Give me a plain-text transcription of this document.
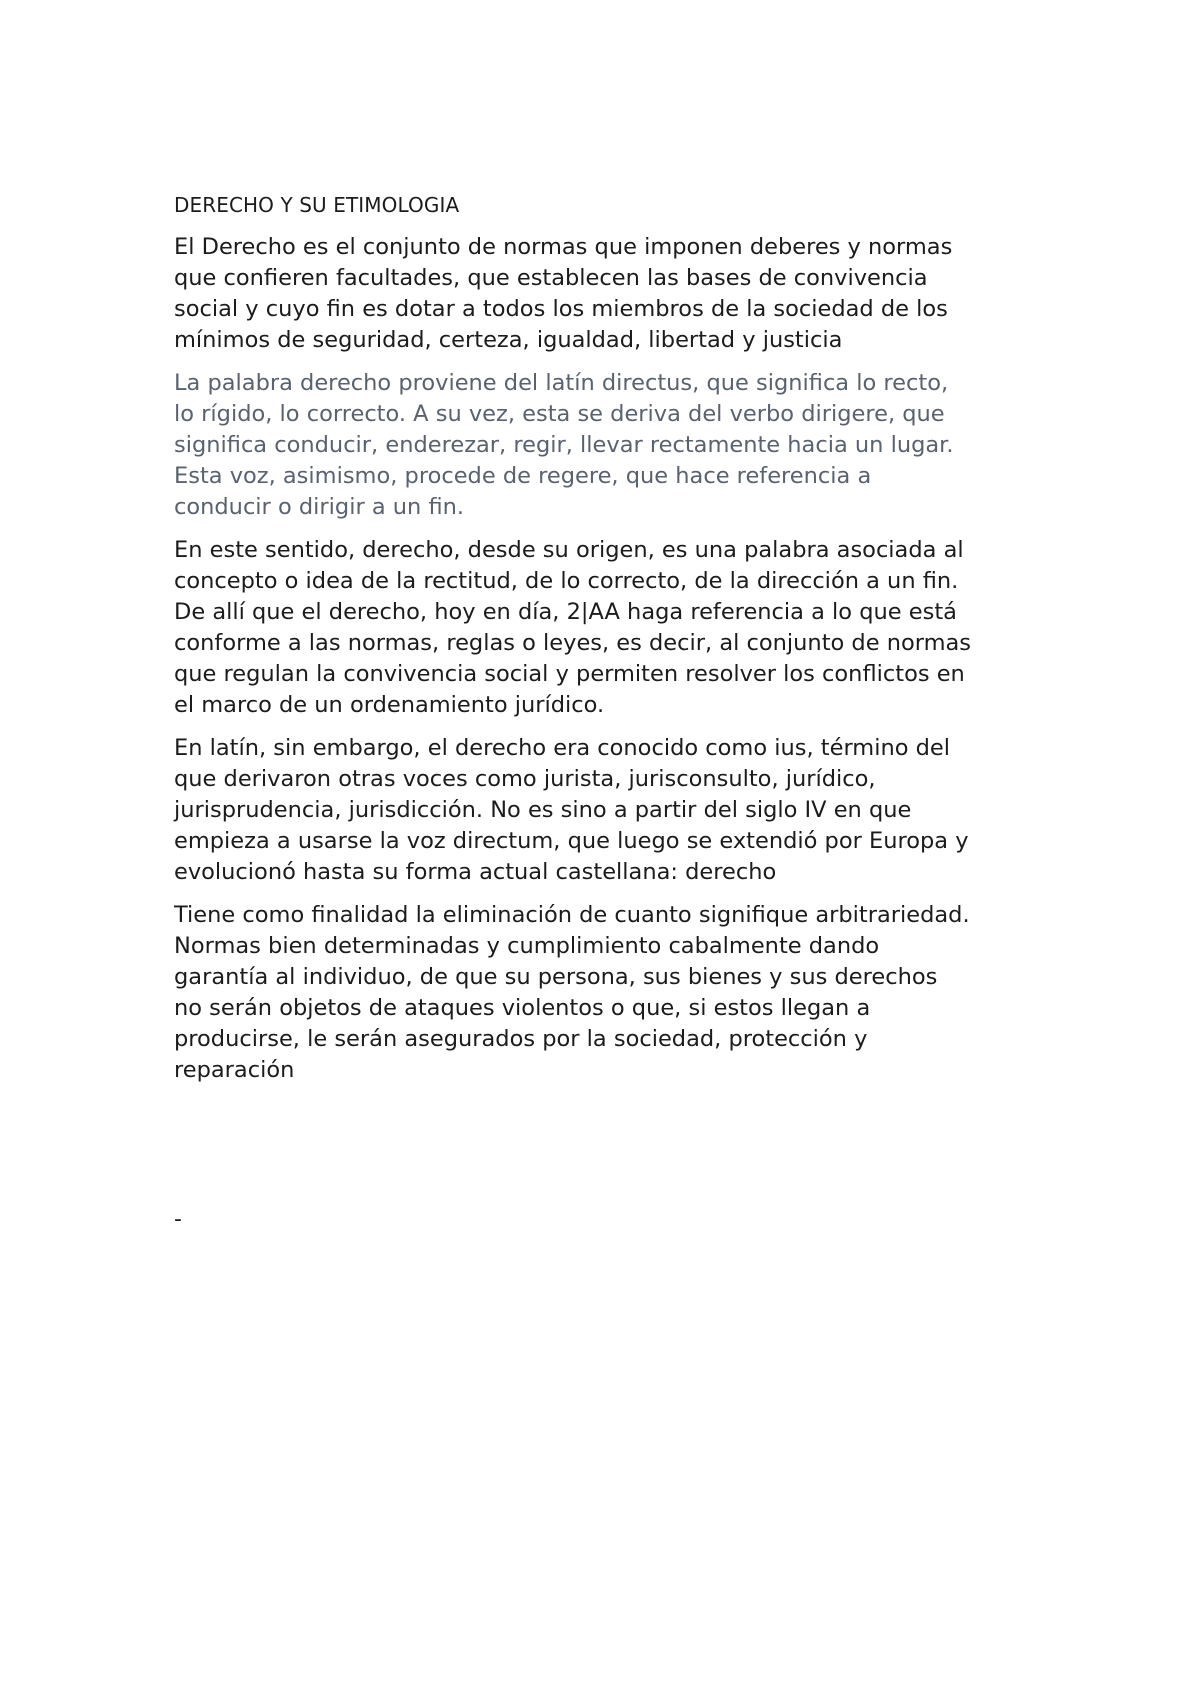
DERECHO Y SU ETIMOLOGIA

El Derecho es el conjunto de normas que imponen deberes y normas
que confieren facultades, que establecen las bases de convivencia
social y cuyo fin es dotar a todos los miembros de la sociedad de los
mínimos de seguridad, certeza, igualdad, libertad y justicia

La palabra derecho proviene del latín directus, que significa lo recto,
lo rígido, lo correcto. A su vez, esta se deriva del verbo dirigere, que
significa conducir, enderezar, regir, llevar rectamente hacia un lugar.
Esta voz, asimismo, procede de regere, que hace referencia a
conducir o dirigir a un fin.

En este sentido, derecho, desde su origen, es una palabra asociada al
concepto o idea de la rectitud, de lo correcto, de la dirección a un fin.
De allí que el derecho, hoy en día, 2|AA haga referencia a lo que está
conforme a las normas, reglas o leyes, es decir, al conjunto de normas
que regulan la convivencia social y permiten resolver los conflictos en
el marco de un ordenamiento jurídico.

En latín, sin embargo, el derecho era conocido como ius, término del
que derivaron otras voces como jurista, jurisconsulto, jurídico,
jurisprudencia, jurisdicción. No es sino a partir del siglo IV en que
empieza a usarse la voz directum, que luego se extendió por Europa y
evolucionó hasta su forma actual castellana: derecho

Tiene como finalidad la eliminación de cuanto signifique arbitrariedad.
Normas bien determinadas y cumplimiento cabalmente dando
garantía al individuo, de que su persona, sus bienes y sus derechos
no serán objetos de ataques violentos o que, si estos llegan a
producirse, le serán asegurados por la sociedad, protección y
reparación

-
